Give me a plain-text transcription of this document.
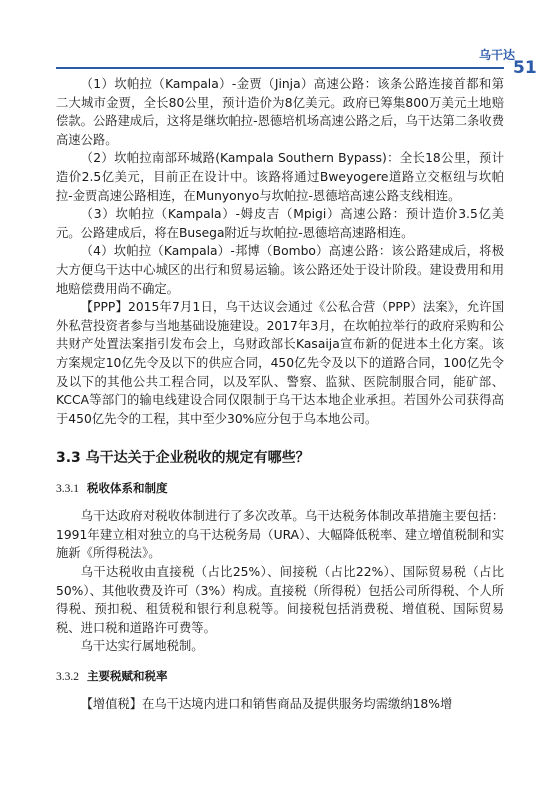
乌干达
51

（1）坎帕拉（Kampala）-金贾（Jinja）高速公路：该条公路连接首都和第二大城市金贾，全长80公里，预计造价为8亿美元。政府已筹集800万美元土地赔偿款。公路建成后，这将是继坎帕拉-恩德培机场高速公路之后，乌干达第二条收费高速公路。

（2）坎帕拉南部环城路(Kampala Southern Bypass)：全长18公里，预计造价2.5亿美元，目前正在设计中。该路将通过Bweyogere道路立交枢纽与坎帕拉-金贾高速公路相连，在Munyonyo与坎帕拉-恩德培高速公路支线相连。

（3）坎帕拉（Kampala）-姆皮吉（Mpigi）高速公路：预计造价3.5亿美元。公路建成后，将在Busega附近与坎帕拉-恩德培高速路相连。

（4）坎帕拉（Kampala）-邦博（Bombo）高速公路：该公路建成后，将极大方便乌干达中心城区的出行和贸易运输。该公路还处于设计阶段。建设费用和用地赔偿费用尚不确定。

【PPP】2015年7月1日，乌干达议会通过《公私合营（PPP）法案》，允许国外私营投资者参与当地基础设施建设。2017年3月，在坎帕拉举行的政府采购和公共财产处置法案指引发布会上，乌财政部长Kasaija宣布新的促进本土化方案。该方案规定10亿先令及以下的供应合同，450亿先令及以下的道路合同，100亿先令及以下的其他公共工程合同，以及军队、警察、监狱、医院制服合同，能矿部、KCCA等部门的输电线建设合同仅限制于乌干达本地企业承担。若国外公司获得高于450亿先令的工程，其中至少30%应分包于乌本地公司。

3.3 乌干达关于企业税收的规定有哪些？
3.3.1 税收体系和制度

乌干达政府对税收体制进行了多次改革。乌干达税务体制改革措施主要包括：1991年建立相对独立的乌干达税务局（URA）、大幅降低税率、建立增值税制和实施新《所得税法》。

乌干达税收由直接税（占比25%）、间接税（占比22%）、国际贸易税（占比50%）、其他收费及许可（3%）构成。直接税（所得税）包括公司所得税、个人所得税、预扣税、租赁税和银行利息税等。间接税包括消费税、增值税、国际贸易税、进口税和道路许可费等。

乌干达实行属地税制。

3.3.2 主要税赋和税率

【增值税】在乌干达境内进口和销售商品及提供服务均需缴纳18%增
